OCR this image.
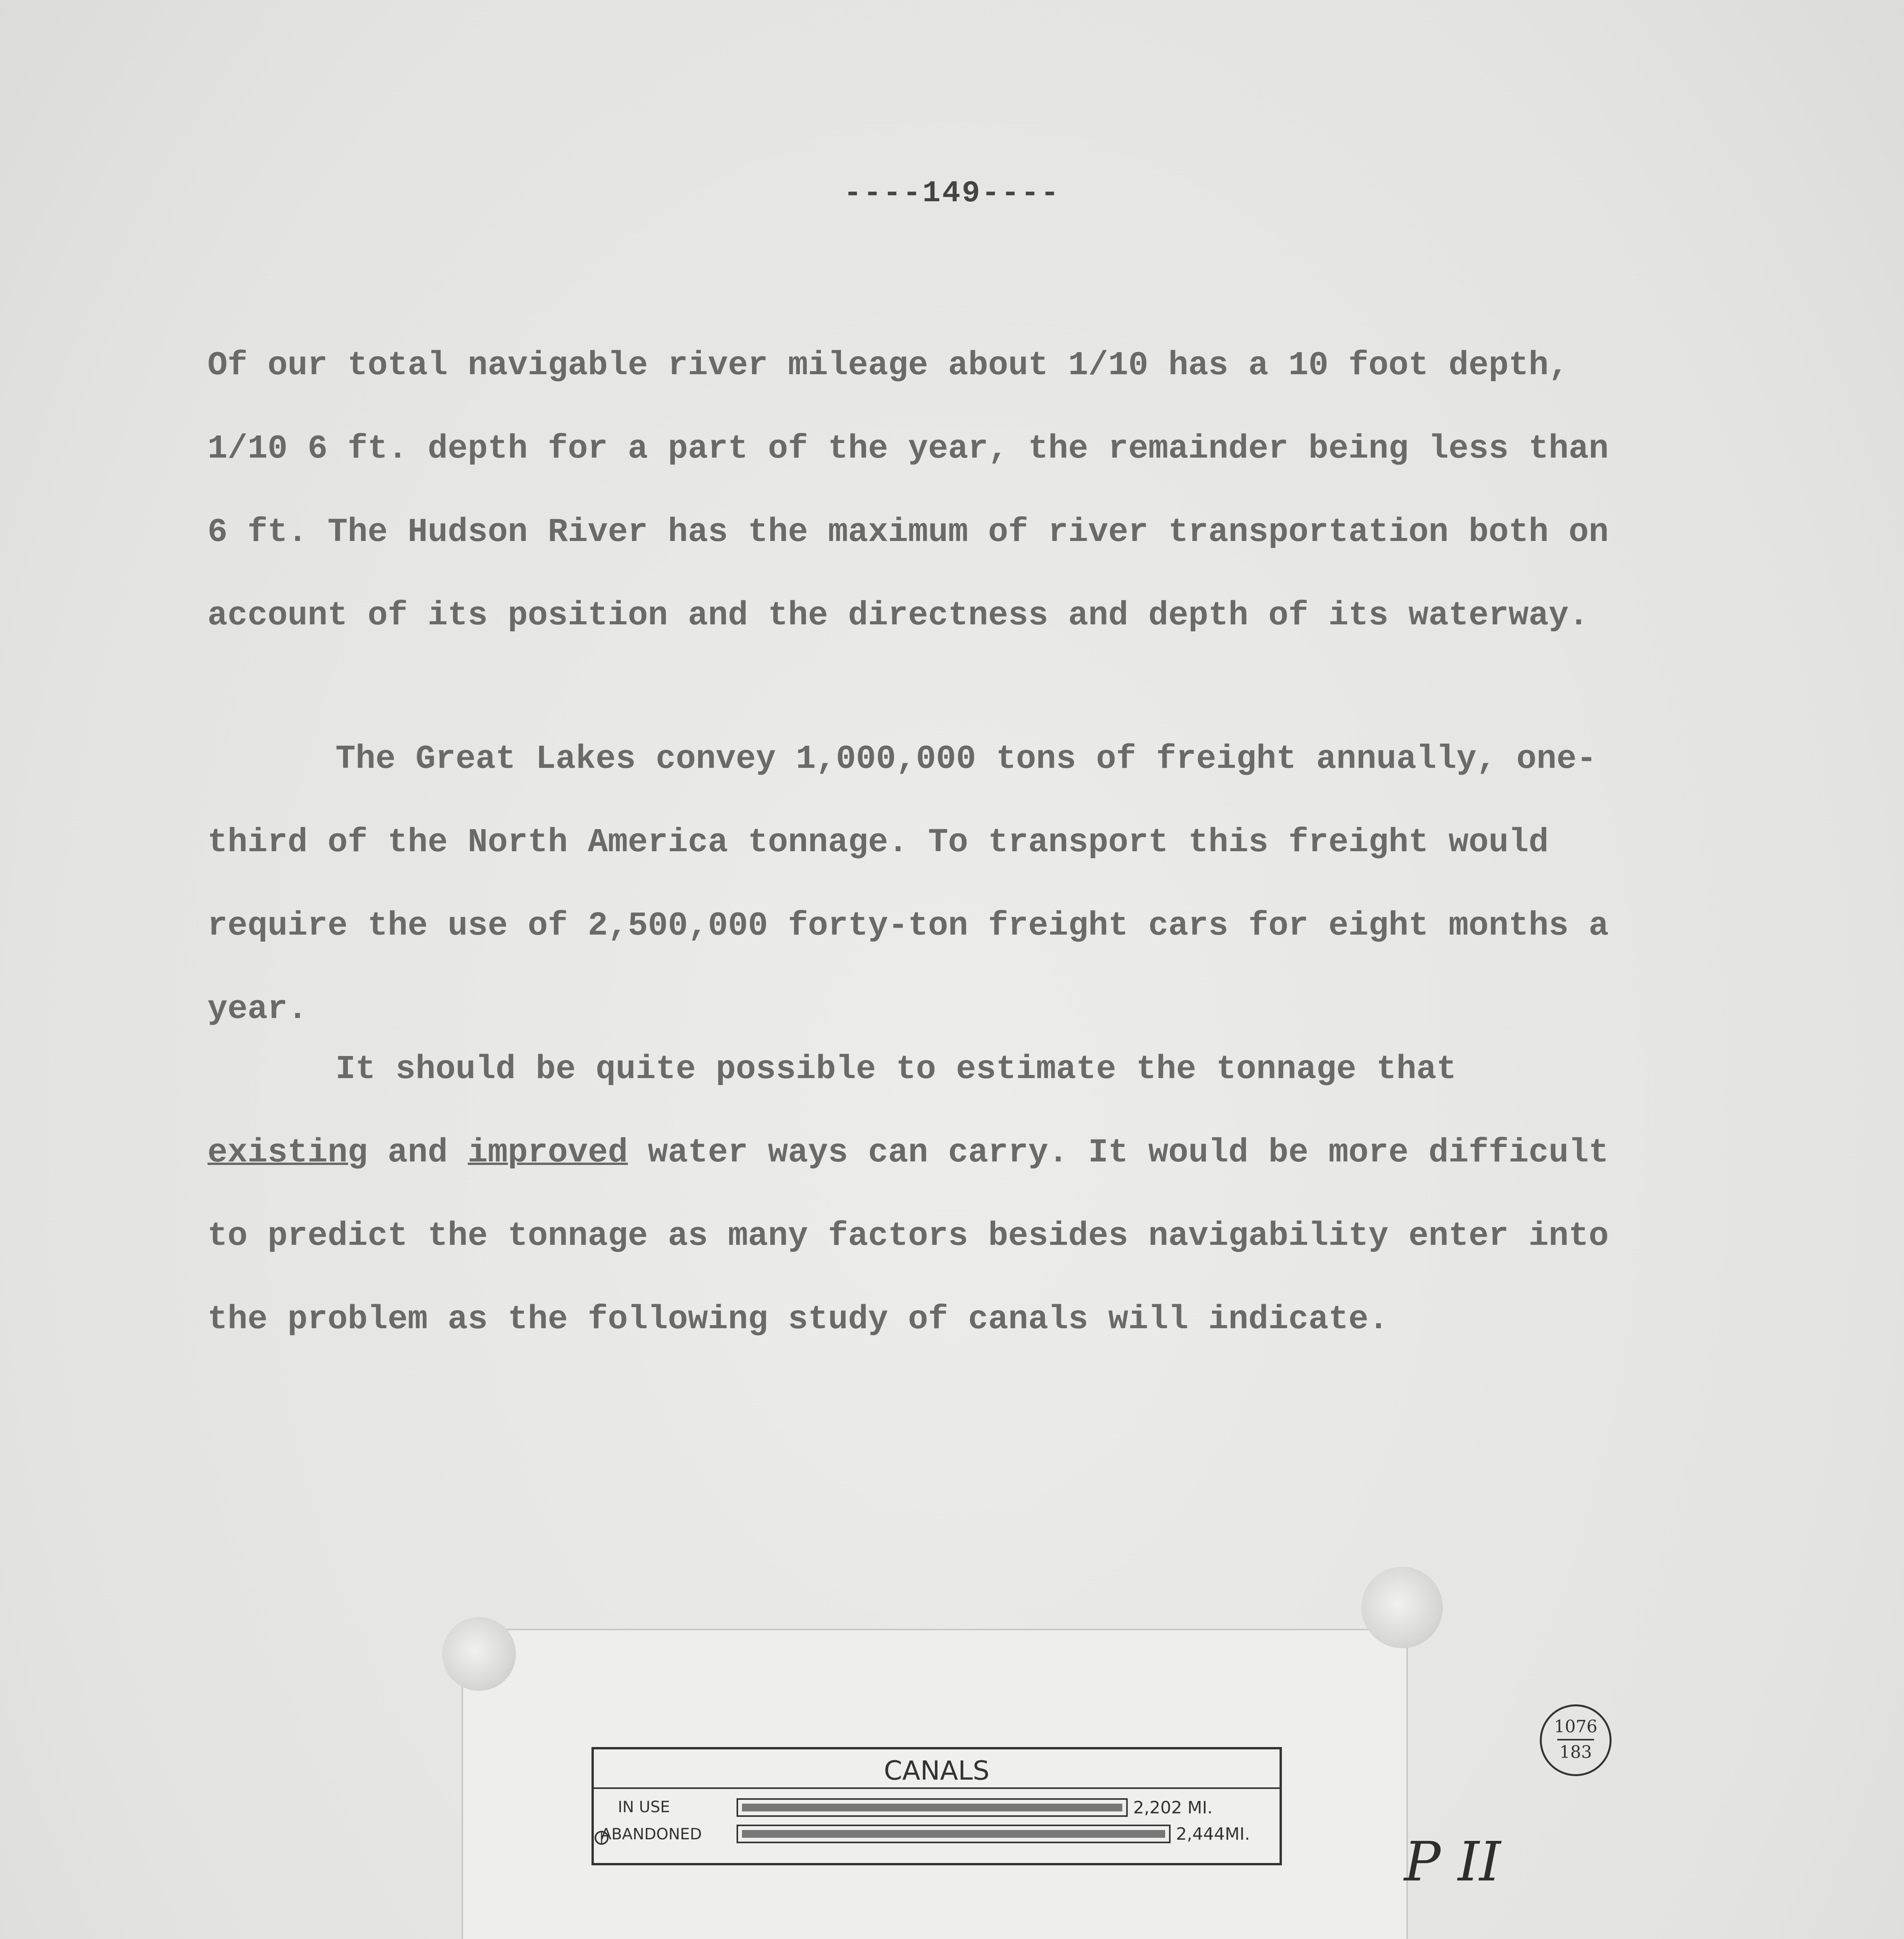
----149----

Of our total navigable river mileage about 1/10 has a 10 foot depth, 1/10 6 ft. depth for a part of the year, the remainder being less than 6 ft. The Hudson River has the maximum of river transportation both on account of its position and the directness and depth of its waterway.

The Great Lakes convey 1,000,000 tons of freight annually, one-third of the North America tonnage. To transport this freight would require the use of 2,500,000 forty-ton freight cars for eight months a year.

It should be quite possible to estimate the tonnage that existing and improved water ways can carry. It would be more difficult to predict the tonnage as many factors besides navigability enter into the problem as the following study of canals will indicate.

CANALS
IN USE
ABANDONED
2,202 MI.
2,444MI.
1076
183
P II
